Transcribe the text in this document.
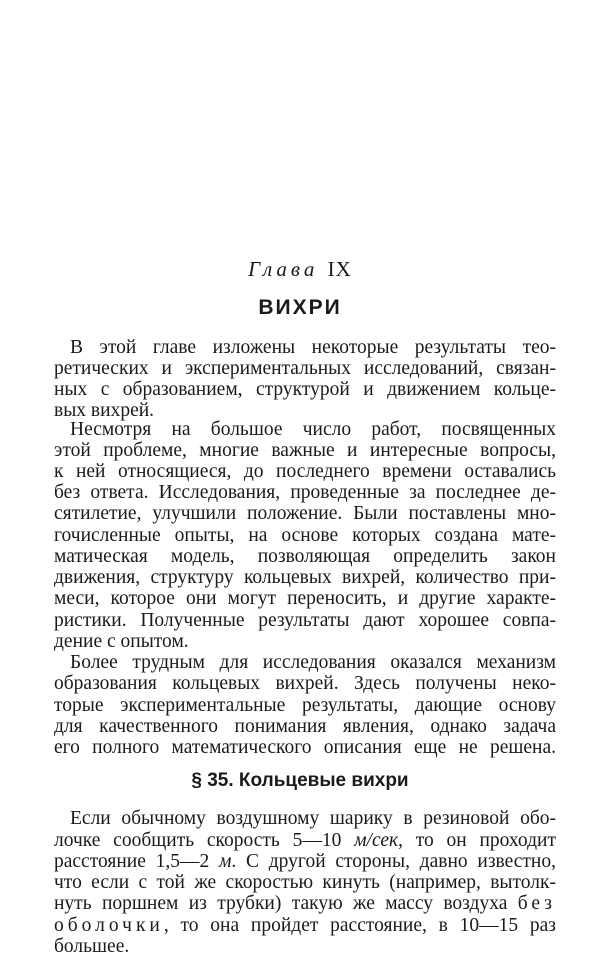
Глава IX
ВИХРИ
В этой главе изложены некоторые результаты тео-
ретических и экспериментальных исследований, связан-
ных с образованием, структурой и движением кольце-
вых вихрей.
Несмотря на большое число работ, посвященных
этой проблеме, многие важные и интересные вопросы,
к ней относящиеся, до последнего времени оставались
без ответа. Исследования, проведенные за последнее де-
сятилетие, улучшили положение. Были поставлены мно-
гочисленные опыты, на основе которых создана мате-
матическая модель, позволяющая определить закон
движения, структуру кольцевых вихрей, количество при-
меси, которое они могут переносить, и другие характе-
ристики. Полученные результаты дают хорошее совпа-
дение с опытом.
Более трудным для исследования оказался механизм
образования кольцевых вихрей. Здесь получены неко-
торые экспериментальные результаты, дающие основу
для качественного понимания явления, однако задача
его полного математического описания еще не решена.
§ 35. Кольцевые вихри
Если обычному воздушному шарику в резиновой обо-
лочке сообщить скорость 5—10 м/сек, то он проходит
расстояние 1,5—2 м. С другой стороны, давно известно,
что если с той же скоростью кинуть (например, вытолк-
нуть поршнем из трубки) такую же массу воздуха без
оболочки, то она пройдет расстояние, в 10—15 раз
большее.
